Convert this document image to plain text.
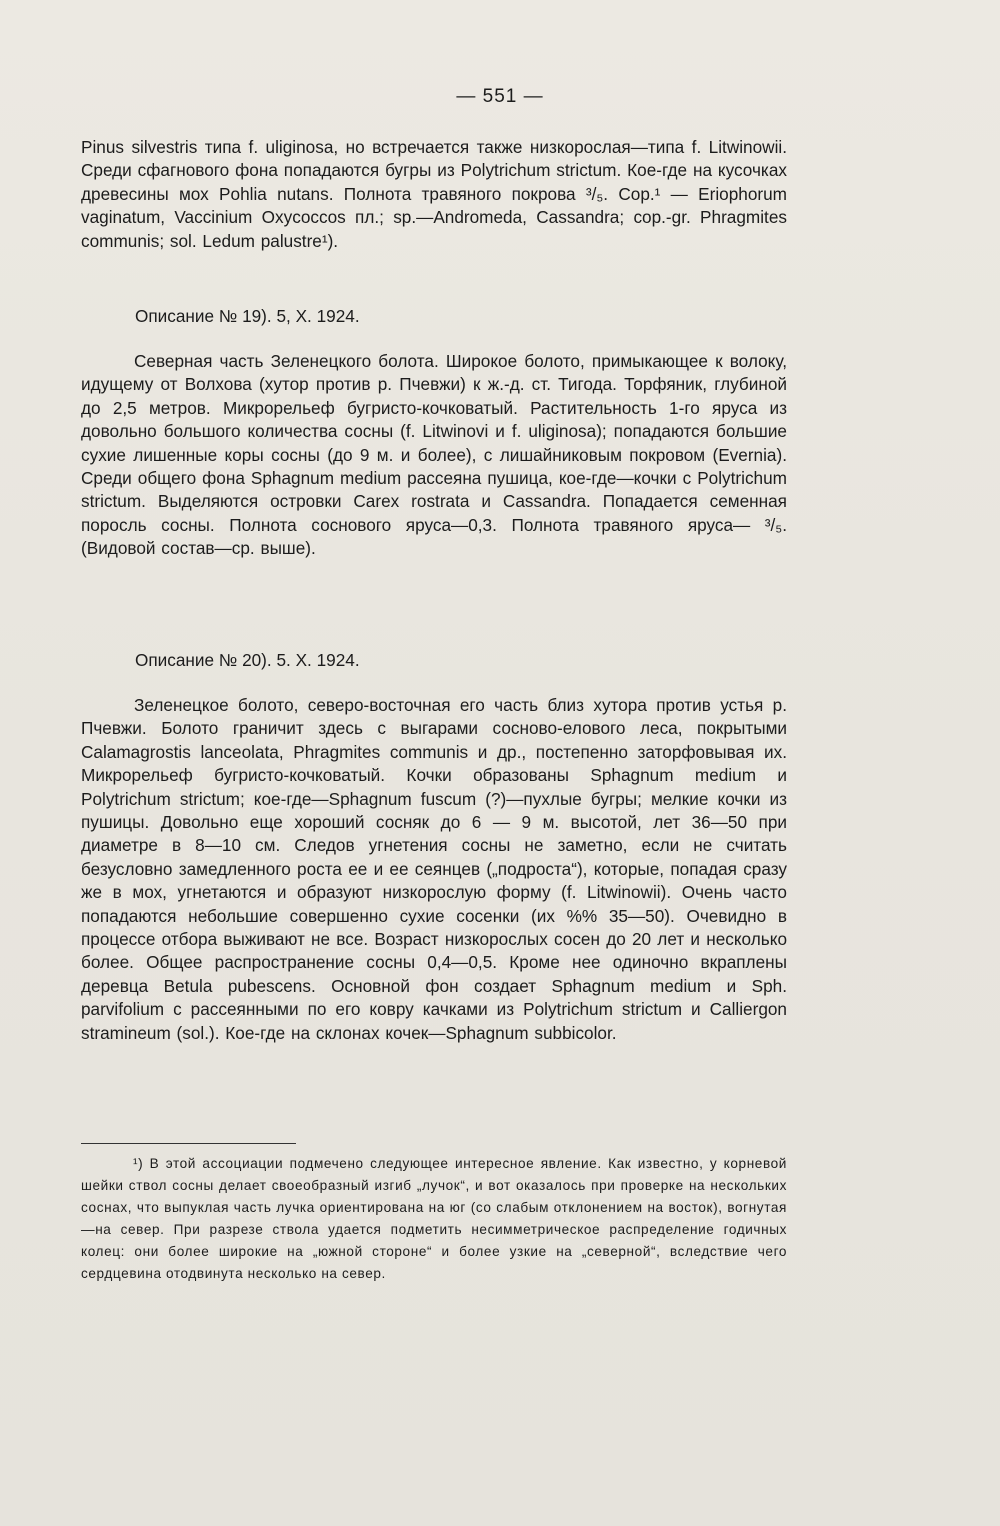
— 551 —

Pinus silvestris типа f. uliginosa, но встречается также низкорослая—типа f. Litwinowii. Среди сфагнового фона попадаются бугры из Polytrichum strictum. Кое-где на кусочках древесины мох Pohlia nutans. Полнота травяного покрова ³/₅. Cop.¹ — Eriophorum vaginatum, Vaccinium Oxycoccos пл.; sp.—Andromeda, Cassandra; cop.-gr. Phragmites communis; sol. Ledum palustre¹).

Описание № 19). 5, X. 1924.

Северная часть Зеленецкого болота. Широкое болото, примыкающее к волоку, идущему от Волхова (хутор против р. Пчевжи) к ж.-д. ст. Тигода. Торфяник, глубиной до 2,5 метров. Микрорельеф бугристо-кочковатый. Растительность 1-го яруса из довольно большого количества сосны (f. Litwinovi и f. uliginosa); попадаются большие сухие лишенные коры сосны (до 9 м. и более), с лишайниковым покровом (Evernia). Среди общего фона Sphagnum medium рассеяна пушица, кое-где—кочки с Polytrichum strictum. Выделяются островки Carex rostrata и Cassandra. Попадается семенная поросль сосны. Полнота соснового яруса—0,3. Полнота травяного яруса— ³/₅. (Видовой состав—ср. выше).

Описание № 20). 5. X. 1924.

Зеленецкое болото, северо-восточная его часть близ хутора против устья р. Пчевжи. Болото граничит здесь с выгарами сосново-елового леса, покрытыми Calamagrostis lanceolata, Phragmites communis и др., постепенно заторфовывая их. Микрорельеф бугристо-кочковатый. Кочки образованы Sphagnum medium и Polytrichum strictum; кое-где—Sphagnum fuscum (?)—пухлые бугры; мелкие кочки из пушицы. Довольно еще хороший сосняк до 6 — 9 м. высотой, лет 36—50 при диаметре в 8—10 см. Следов угнетения сосны не заметно, если не считать безусловно замедленного роста ее и ее сеянцев („подроста“), которые, попадая сразу же в мох, угнетаются и образуют низкорослую форму (f. Litwinowii). Очень часто попадаются небольшие совершенно сухие сосенки (их %% 35—50). Очевидно в процессе отбора выживают не все. Возраст низкорослых сосен до 20 лет и несколько более. Общее распространение сосны 0,4—0,5. Кроме нее одиночно вкраплены деревца Betula pubescens. Основной фон создает Sphagnum medium и Sph. parvifolium с рассеянными по его ковру качками из Polytrichum strictum и Calliergon stramineum (sol.). Кое-где на склонах кочек—Sphagnum subbicolor.

¹) В этой ассоциации подмечено следующее интересное явление. Как известно, у корневой шейки ствол сосны делает своеобразный изгиб „лучок“, и вот оказалось при проверке на нескольких соснах, что выпуклая часть лучка ориентирована на юг (со слабым отклонением на восток), вогнутая—на север. При разрезе ствола удается подметить несимметрическое распределение годичных колец: они более широкие на „южной стороне“ и более узкие на „северной“, вследствие чего сердцевина отодвинута несколько на север.
